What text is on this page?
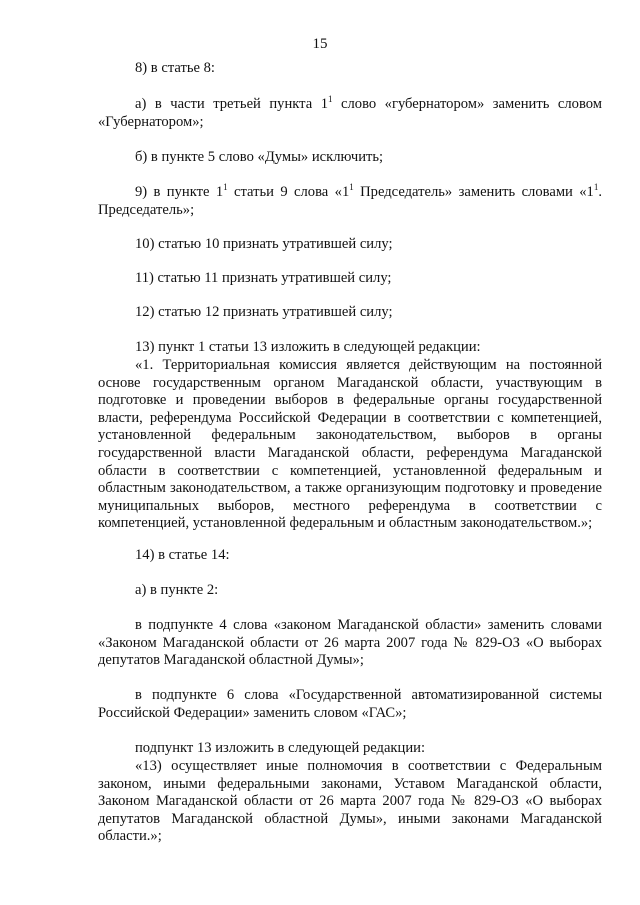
15

8) в статье 8:

а) в части третьей пункта $1^1$ слово «губернатором» заменить словом «Губернатором»;

б) в пункте 5 слово «Думы» исключить;

9) в пункте $1^1$ статьи 9 слова «$1^1$ Председатель» заменить словами «$1^1$. Председатель»;

10) статью 10 признать утратившей силу;

11) статью 11 признать утратившей силу;

12) статью 12 признать утратившей силу;

13) пункт 1 статьи 13 изложить в следующей редакции:

«1. Территориальная комиссия является действующим на постоянной основе государственным органом Магаданской области, участвующим в подготовке и проведении выборов в федеральные органы государственной власти, референдума Российской Федерации в соответствии с компетенцией, установленной федеральным законодательством, выборов в органы государственной власти Магаданской области, референдума Магаданской области в соответствии с компетенцией, установленной федеральным и областным законодательством, а также организующим подготовку и проведение муниципальных выборов, местного референдума в соответствии с компетенцией, установленной федеральным и областным законодательством.»;

14) в статье 14:

а) в пункте 2:

в подпункте 4 слова «законом Магаданской области» заменить словами «Законом Магаданской области от 26 марта 2007 года № 829-ОЗ «О выборах депутатов Магаданской областной Думы»;

в подпункте 6 слова «Государственной автоматизированной системы Российской Федерации» заменить словом «ГАС»;

подпункт 13 изложить в следующей редакции:

«13) осуществляет иные полномочия в соответствии с Федеральным законом, иными федеральными законами, Уставом Магаданской области, Законом Магаданской области от 26 марта 2007 года № 829-ОЗ «О выборах депутатов Магаданской областной Думы», иными законами Магаданской области.»;
